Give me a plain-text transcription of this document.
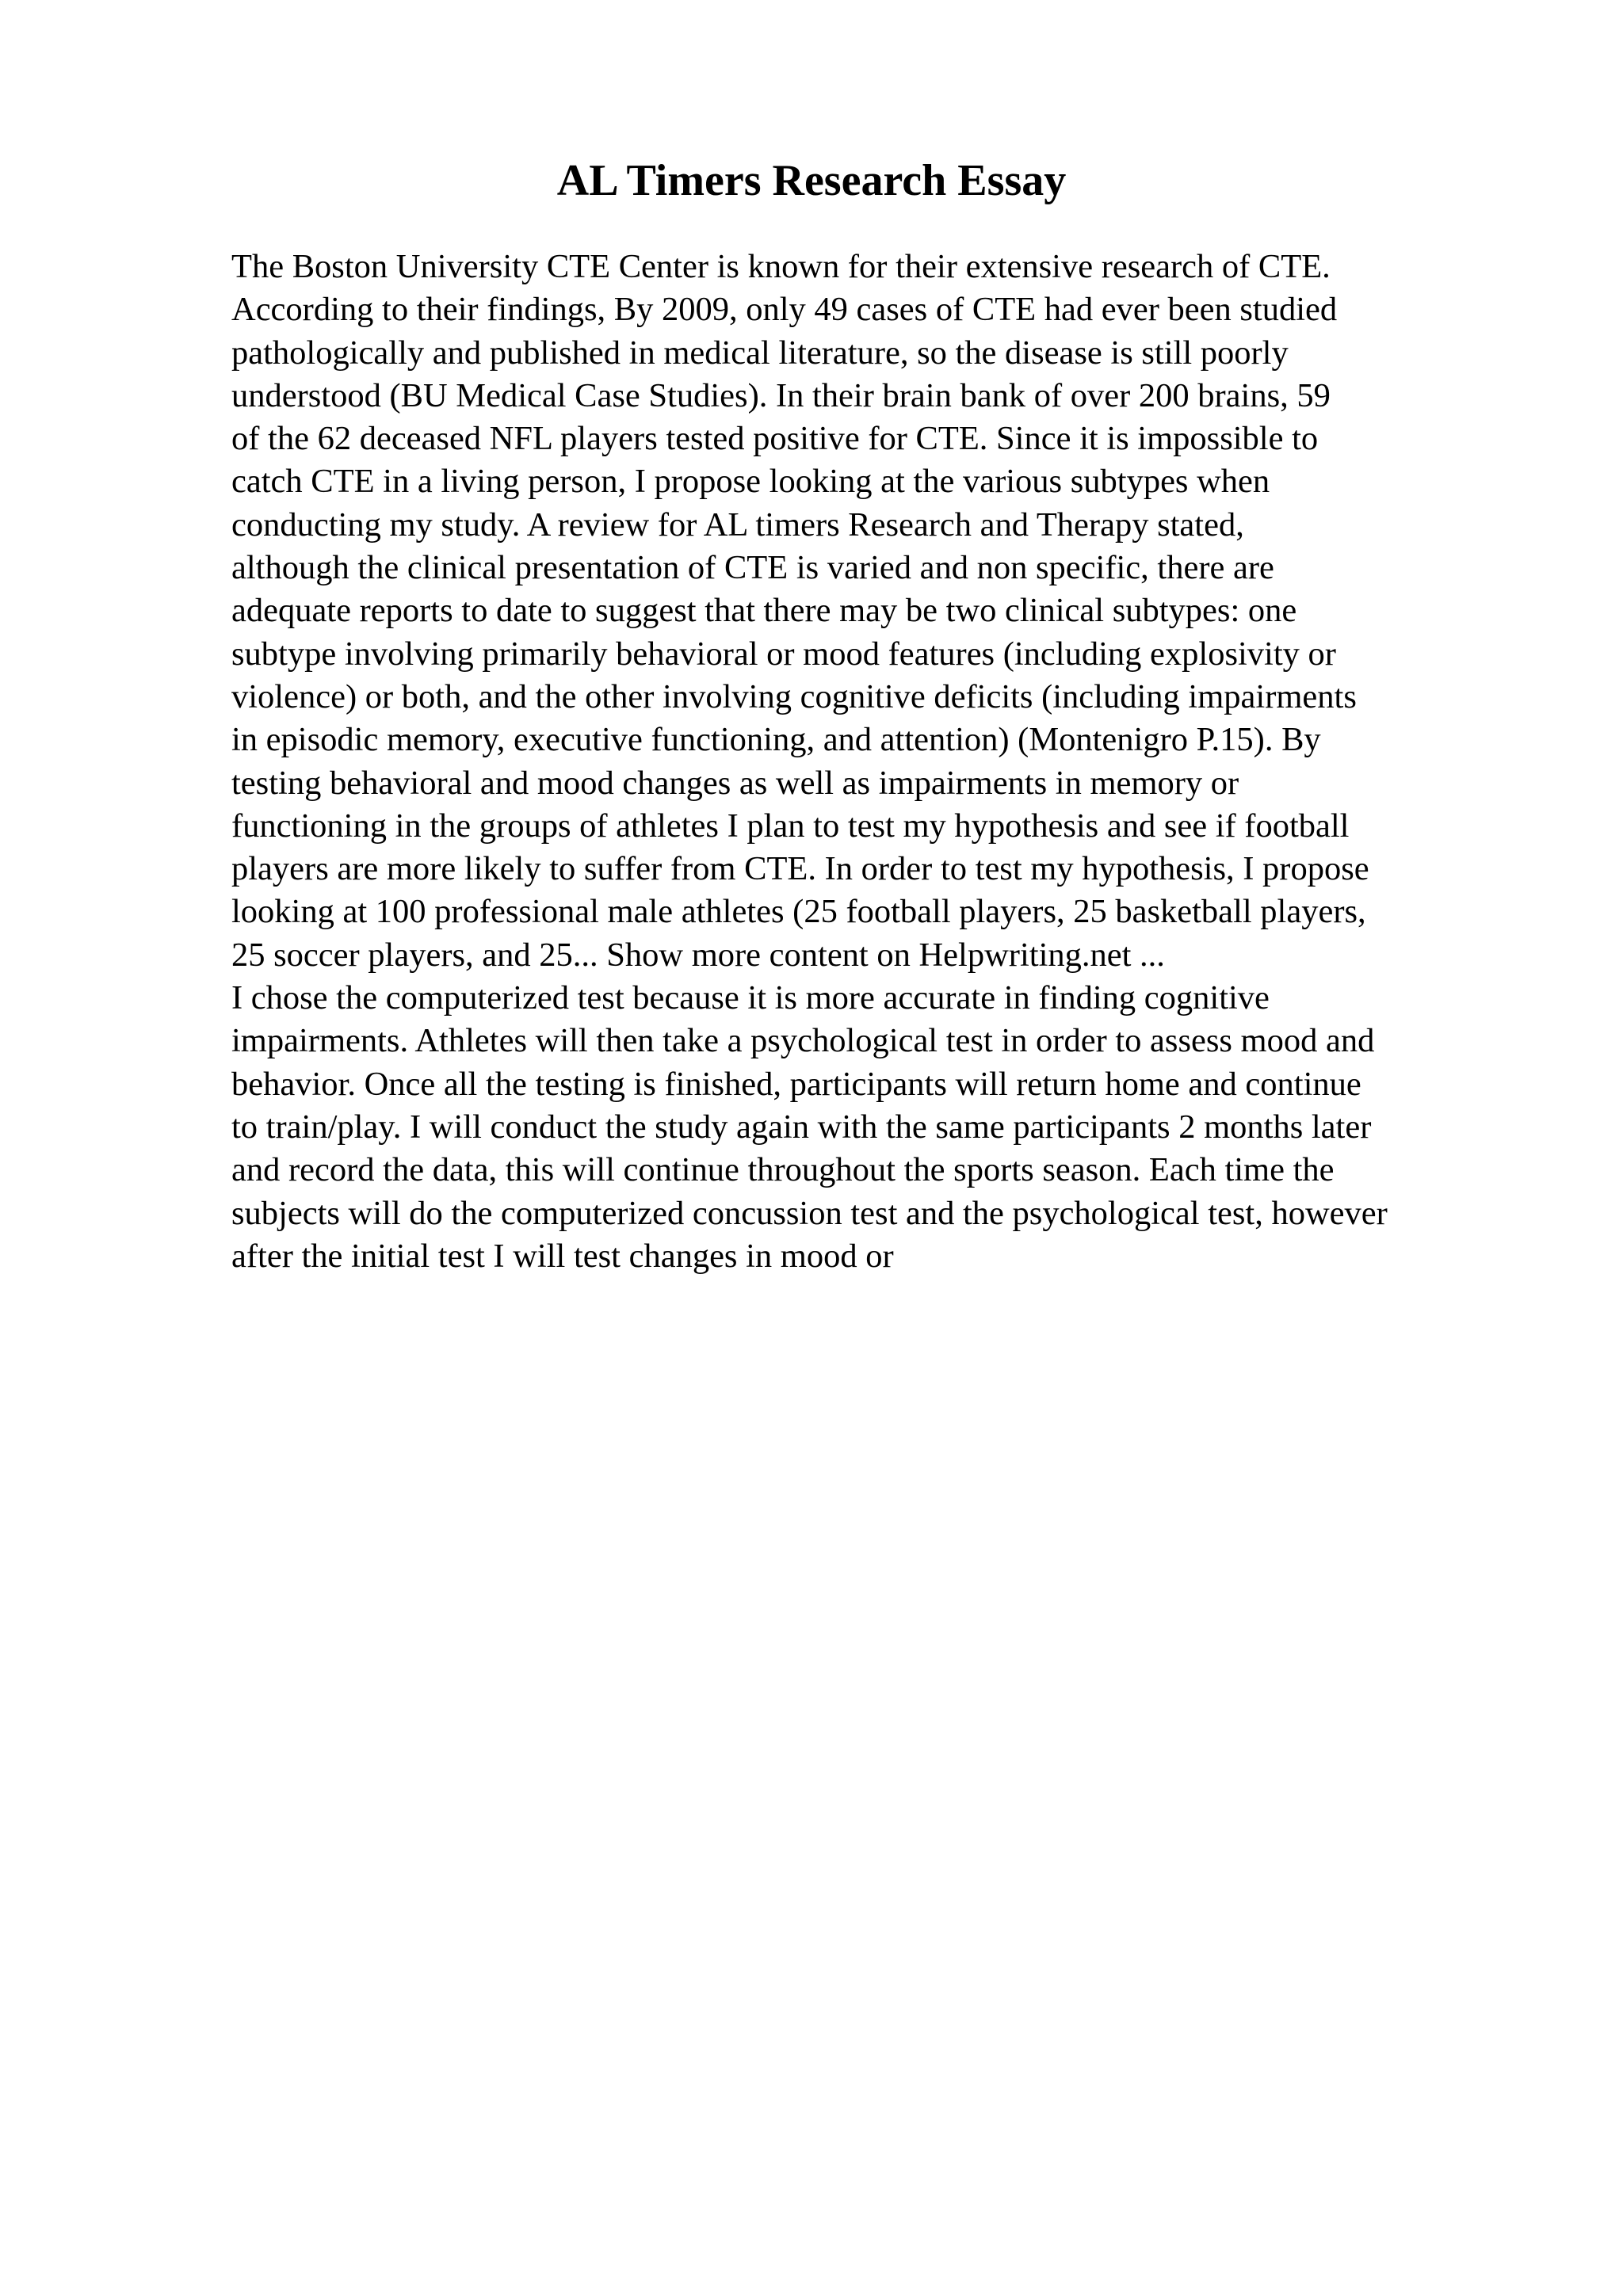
AL Timers Research Essay
The Boston University CTE Center is known for their extensive research of CTE.
According to their findings, By 2009, only 49 cases of CTE had ever been studied
pathologically and published in medical literature, so the disease is still poorly
understood (BU Medical Case Studies). In their brain bank of over 200 brains, 59
of the 62 deceased NFL players tested positive for CTE. Since it is impossible to
catch CTE in a living person, I propose looking at the various subtypes when
conducting my study. A review for AL timers Research and Therapy stated,
although the clinical presentation of CTE is varied and non specific, there are
adequate reports to date to suggest that there may be two clinical subtypes: one
subtype involving primarily behavioral or mood features (including explosivity or
violence) or both, and the other involving cognitive deficits (including impairments
in episodic memory, executive functioning, and attention) (Montenigro P.15). By
testing behavioral and mood changes as well as impairments in memory or
functioning in the groups of athletes I plan to test my hypothesis and see if football
players are more likely to suffer from CTE. In order to test my hypothesis, I propose
looking at 100 professional male athletes (25 football players, 25 basketball players,
25 soccer players, and 25... Show more content on Helpwriting.net ...
I chose the computerized test because it is more accurate in finding cognitive
impairments. Athletes will then take a psychological test in order to assess mood and
behavior. Once all the testing is finished, participants will return home and continue
to train/play. I will conduct the study again with the same participants 2 months later
and record the data, this will continue throughout the sports season. Each time the
subjects will do the computerized concussion test and the psychological test, however
after the initial test I will test changes in mood or
